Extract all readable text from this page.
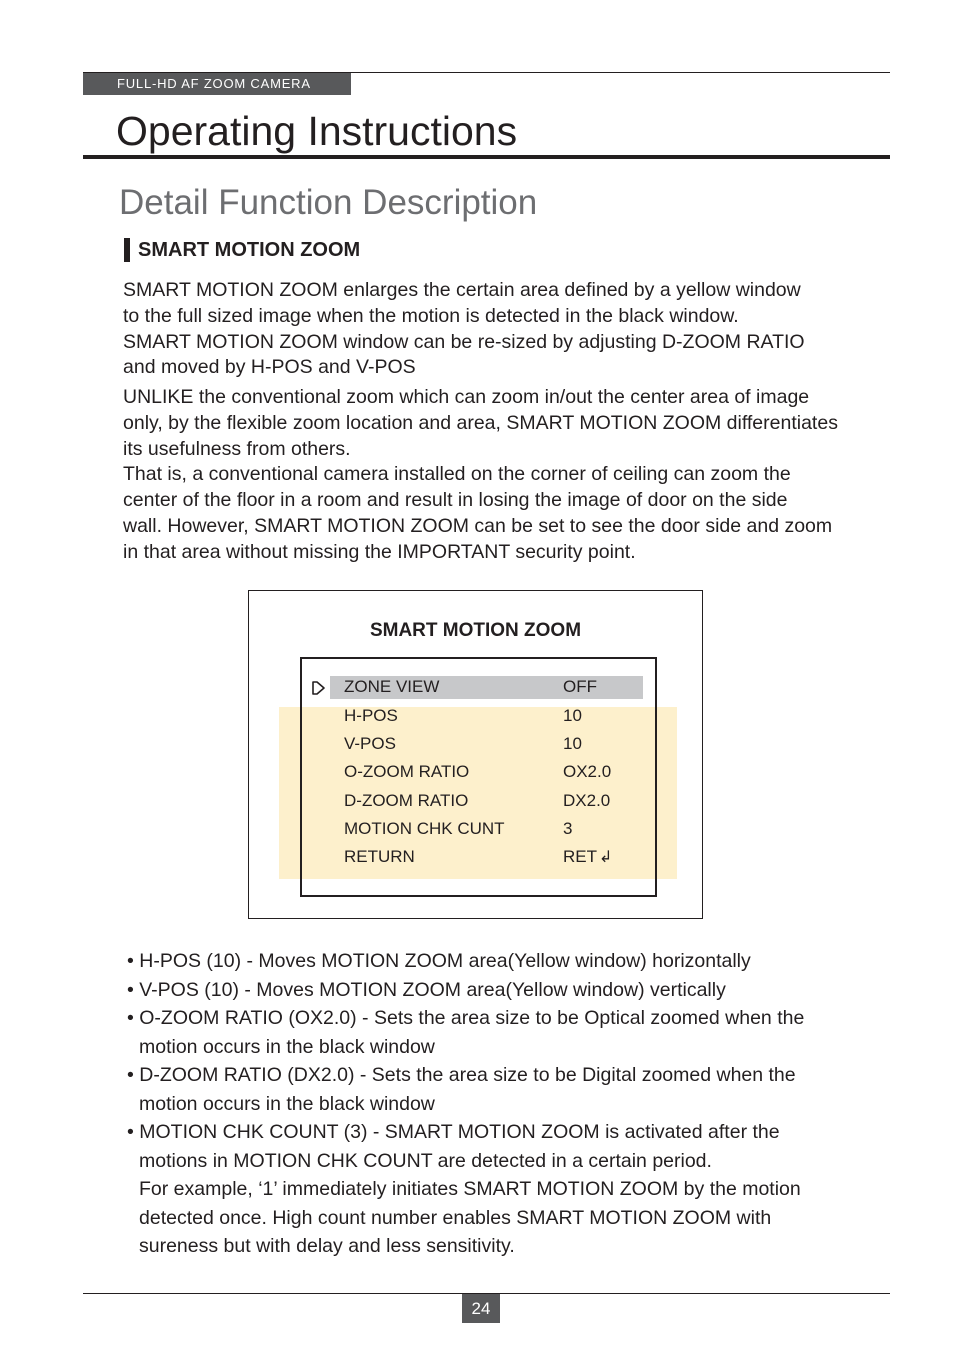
FULL-HD AF ZOOM CAMERA
Operating Instructions
Detail Function Description
SMART MOTION ZOOM
SMART MOTION ZOOM enlarges the certain area defined by a yellow window
to the full sized image when the motion is detected in the black window.
SMART MOTION ZOOM window can be re-sized by adjusting D-ZOOM RATIO
and moved by H-POS and V-POS
UNLIKE the conventional zoom which can zoom in/out the center area of image
only, by the flexible zoom location and area, SMART MOTION ZOOM differentiates
its usefulness from others.
That is, a conventional camera installed on the corner of ceiling can zoom the
center of the floor in a room and result in losing the image of door on the side
wall. However, SMART MOTION ZOOM can be set to see the door side and zoom
in that area without missing the IMPORTANT security point.
SMART MOTION ZOOM
ZONE VIEW	OFF
H-POS	10
V-POS	10
O-ZOOM RATIO	OX2.0
D-ZOOM RATIO	DX2.0
MOTION CHK CUNT	3
RETURN	RET ↲
• H-POS (10) - Moves MOTION ZOOM area(Yellow window) horizontally
• V-POS (10) - Moves MOTION ZOOM area(Yellow window) vertically
• O-ZOOM RATIO (OX2.0) - Sets the area size to be Optical zoomed when the
motion occurs in the black window
• D-ZOOM RATIO (DX2.0) - Sets the area size to be Digital zoomed when the
motion occurs in the black window
• MOTION CHK COUNT (3) - SMART MOTION ZOOM is activated after the
motions in MOTION CHK COUNT are detected in a certain period.
For example, ‘1’ immediately initiates SMART MOTION ZOOM by the motion
detected once. High count number enables SMART MOTION ZOOM with
sureness but with delay and less sensitivity.
24
